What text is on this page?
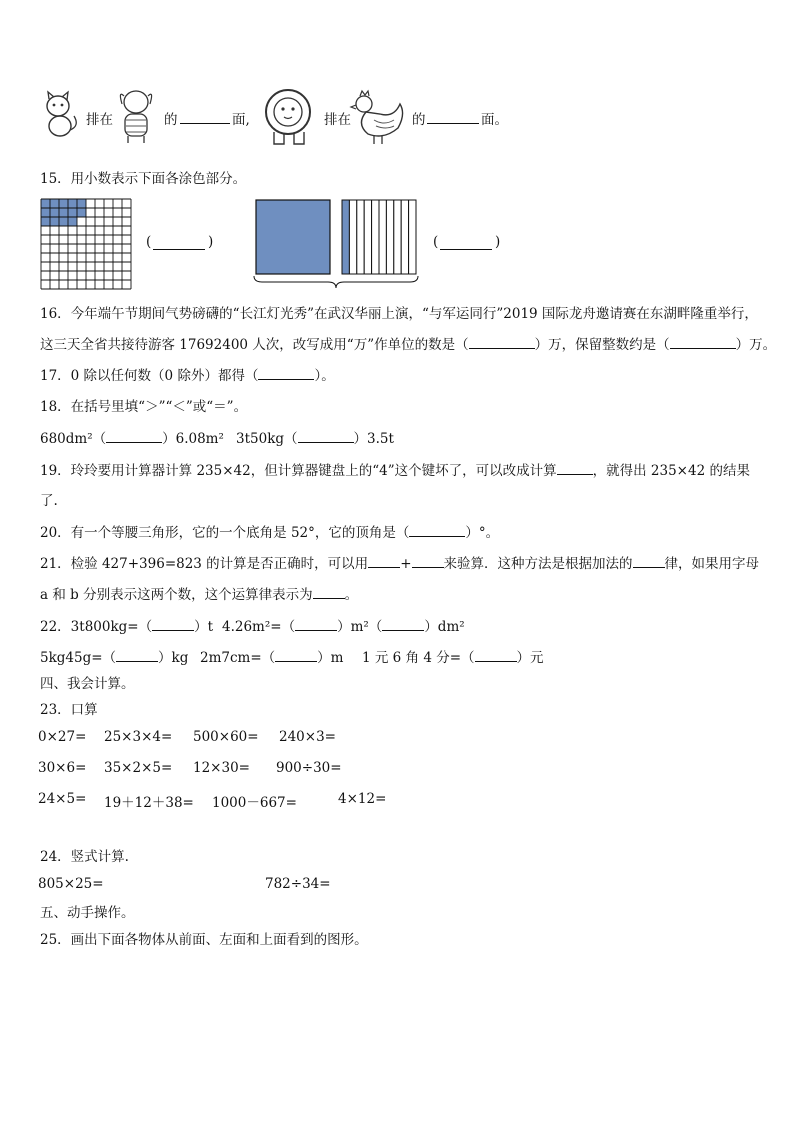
排在	的	面,	排在	的	面。
15．用小数表示下面各涂色部分。
(	)	(	)
16．今年端午节期间气势磅礴的“长江灯光秀”在武汉华丽上演，“与军运同行”2019 国际龙舟邀请赛在东湖畔隆重举行，
这三天全省共接待游客 17692400 人次，改写成用“万”作单位的数是（	）万，保留整数约是（	）万。
17．0 除以任何数（0 除外）都得（	）。
18．在括号里填“＞”“＜”或“＝”。
680dm²（	）6.08m² 3t50kg（	）3.5t
19．玲玲要用计算器计算 235×42，但计算器键盘上的“4”这个键坏了，可以改成计算	，就得出 235×42 的结果
了.
20．有一个等腰三角形，它的一个底角是 52°，它的顶角是（	）°。
21．检验 427+396=823 的计算是否正确时，可以用 + 来验算．这种方法是根据加法的 律，如果用字母
a 和 b 分别表示这两个数，这个运算律表示为 。
22．3t800kg=（	）t 4.26m²=（	）m²（	）dm²
5kg45g=（	）kg 2m7cm=（	）m 1 元 6 角 4 分=（	）元
四、我会计算。
23．口算
0×27= 25×3×4= 500×60= 240×3=
30×6= 35×2×5= 12×30= 900÷30=
24×5= 19＋12＋38= 1000－667=	4×12=
24．竖式计算.
805×25=	782÷34=
五、动手操作。
25．画出下面各物体从前面、左面和上面看到的图形。
